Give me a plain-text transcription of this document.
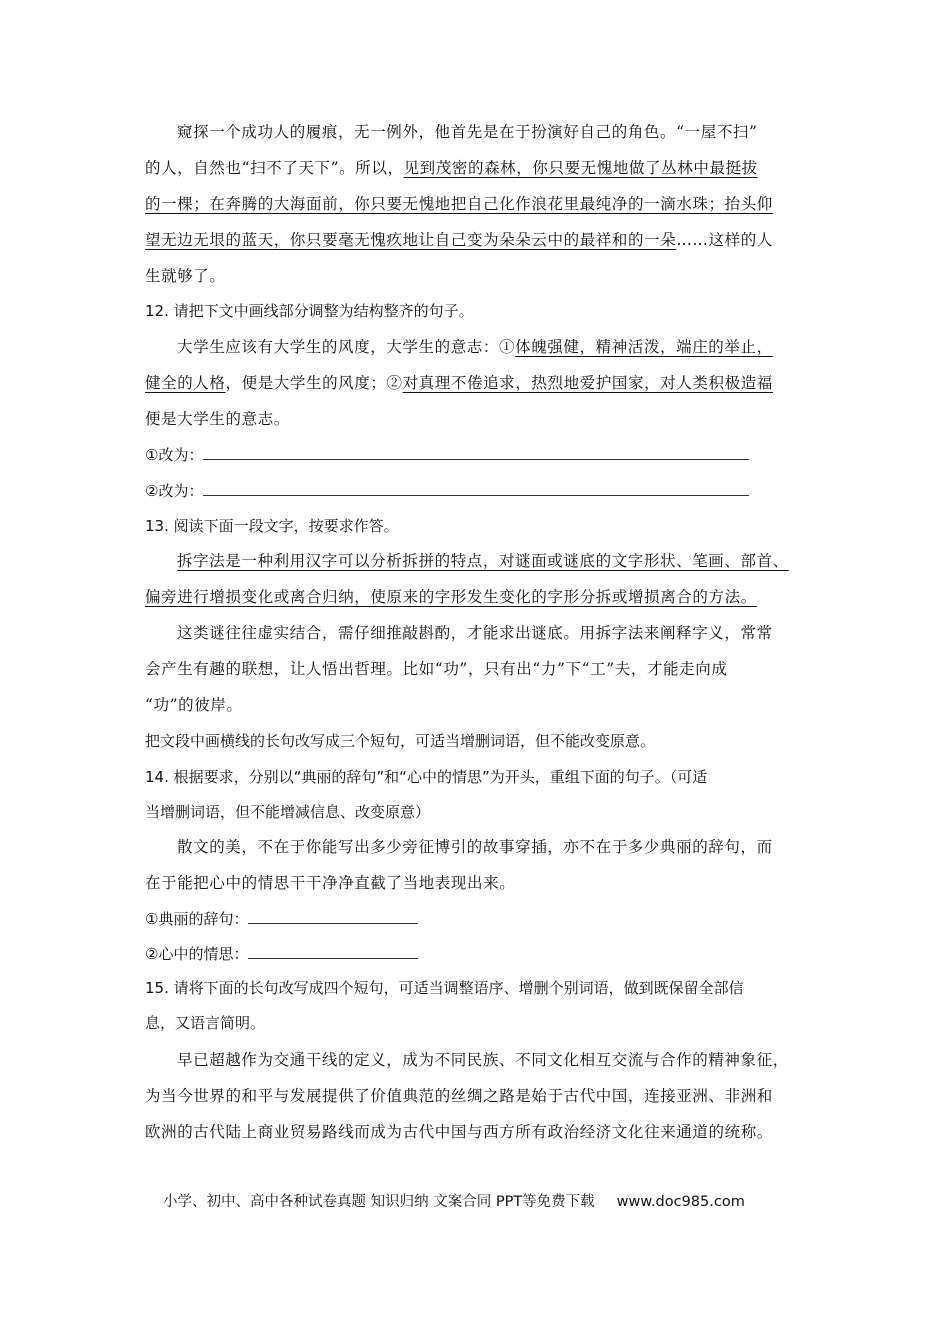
窥探一个成功人的履痕，无一例外，他首先是在于扮演好自己的角色。“一屋不扫”
的人，自然也“扫不了天下”。所以，见到茂密的森林，你只要无愧地做了丛林中最挺拔
的一棵；在奔腾的大海面前，你只要无愧地把自己化作浪花里最纯净的一滴水珠；抬头仰
望无边无垠的蓝天，你只要毫无愧疚地让自己变为朵朵云中的最祥和的一朵……这样的人
生就够了。
12. 请把下文中画线部分调整为结构整齐的句子。
大学生应该有大学生的风度，大学生的意志：①体魄强健，精神活泼，端庄的举止，
健全的人格，便是大学生的风度；②对真理不倦追求，热烈地爱护国家，对人类积极造福
便是大学生的意志。
①改为：
②改为：
13. 阅读下面一段文字，按要求作答。
拆字法是一种利用汉字可以分析拆拼的特点，对谜面或谜底的文字形状、笔画、部首、
偏旁进行增损变化或离合归纳，使原来的字形发生变化的字形分拆或增损离合的方法。
这类谜往往虚实结合，需仔细推敲斟酌，才能求出谜底。用拆字法来阐释字义，常常
会产生有趣的联想，让人悟出哲理。比如“功”，只有出“力”下“工”夫，才能走向成
“功”的彼岸。
把文段中画横线的长句改写成三个短句，可适当增删词语，但不能改变原意。
14. 根据要求，分别以“典丽的辞句”和“心中的情思”为开头，重组下面的句子。（可适
当增删词语，但不能增减信息、改变原意）
散文的美，不在于你能写出多少旁征博引的故事穿插，亦不在于多少典丽的辞句，而
在于能把心中的情思干干净净直截了当地表现出来。
①典丽的辞句：
②心中的情思：
15. 请将下面的长句改写成四个短句，可适当调整语序、增删个别词语，做到既保留全部信
息，又语言简明。
早已超越作为交通干线的定义，成为不同民族、不同文化相互交流与合作的精神象征，
为当今世界的和平与发展提供了价值典范的丝绸之路是始于古代中国，连接亚洲、非洲和
欧洲的古代陆上商业贸易路线而成为古代中国与西方所有政治经济文化往来通道的统称。
小学、初中、高中各种试卷真题 知识归纳 文案合同 PPT等免费下载 www.doc985.com
